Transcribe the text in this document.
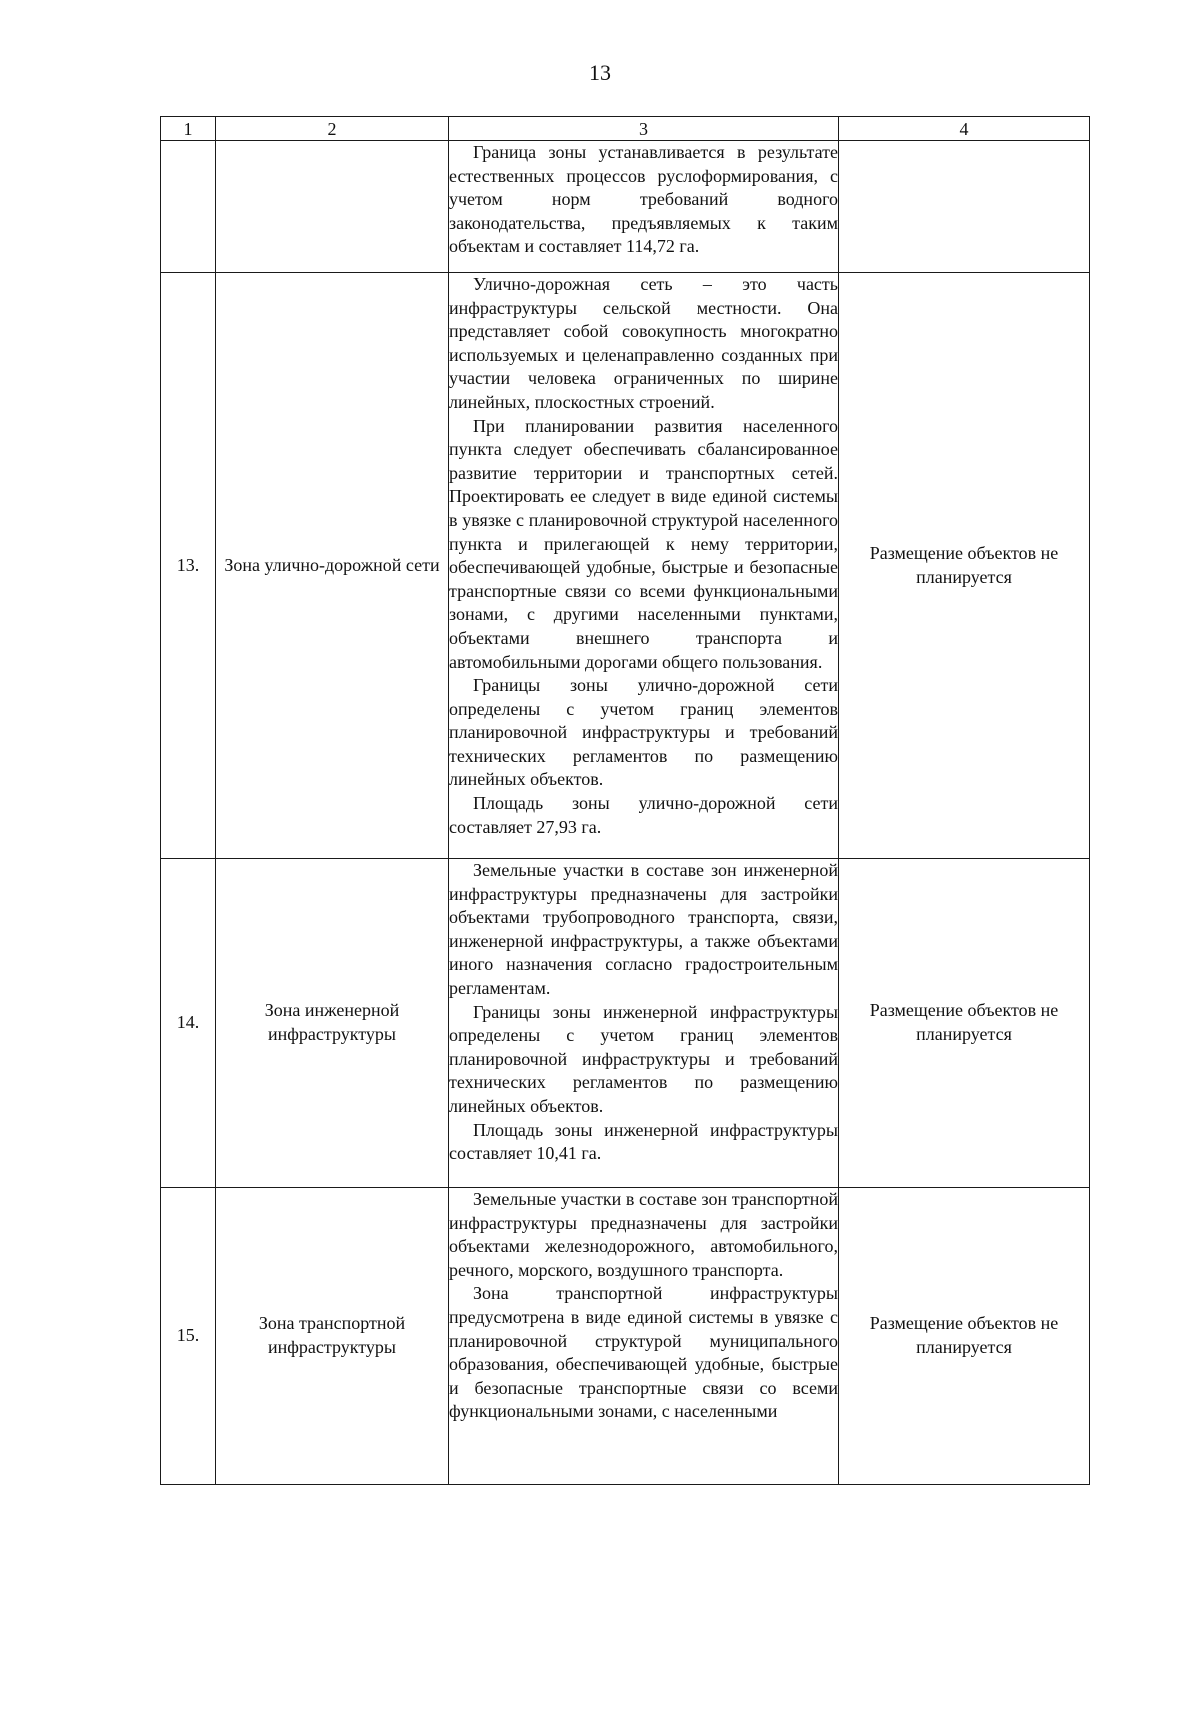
13
1	2	3	4

		Граница зоны устанавливается в результате естественных процессов руслоформирования, с учетом норм требований водного законодательства, предъявляемых к таким объектам и составляет 114,72 га.	

13.	Зона улично-дорожной сети	Улично-дорожная сеть – это часть инфраструктуры сельской местности. Она представляет собой совокупность многократно используемых и целенаправленно созданных при участии человека ограниченных по ширине линейных, плоскостных строений.

При планировании развития населенного пункта следует обеспечивать сбалансированное развитие территории и транспортных сетей. Проектировать ее следует в виде единой системы в увязке с планировочной структурой населенного пункта и прилегающей к нему территории, обеспечивающей удобные, быстрые и безопасные транспортные связи со всеми функциональными зонами, с другими населенными пунктами, объектами внешнего транспорта и автомобильными дорогами общего пользования.

Границы зоны улично-дорожной сети определены с учетом границ элементов планировочной инфраструктуры и требований технических регламентов по размещению линейных объектов.

Площадь зоны улично-дорожной сети составляет 27,93 га.	Размещение объектов не планируется
14.	Зона инженерной инфраструктуры	Земельные участки в составе зон инженерной инфраструктуры предназначены для застройки объектами трубопроводного транспорта, связи, инженерной инфраструктуры, а также объектами иного назначения согласно градостроительным регламентам.

Границы зоны инженерной инфраструктуры определены с учетом границ элементов планировочной инфраструктуры и требований технических регламентов по размещению линейных объектов.

Площадь зоны инженерной инфраструктуры составляет 10,41 га.	Размещение объектов не планируется
15.	Зона транспортной инфраструктуры	Земельные участки в составе зон транспортной инфраструктуры предназначены для застройки объектами железнодорожного, автомобильного, речного, морского, воздушного транспорта.

Зона транспортной инфраструктуры предусмотрена в виде единой системы в увязке с планировочной структурой муниципального образования, обеспечивающей удобные, быстрые и безопасные транспортные связи со всеми функциональными зонами, с населенными	Размещение объектов не планируется
